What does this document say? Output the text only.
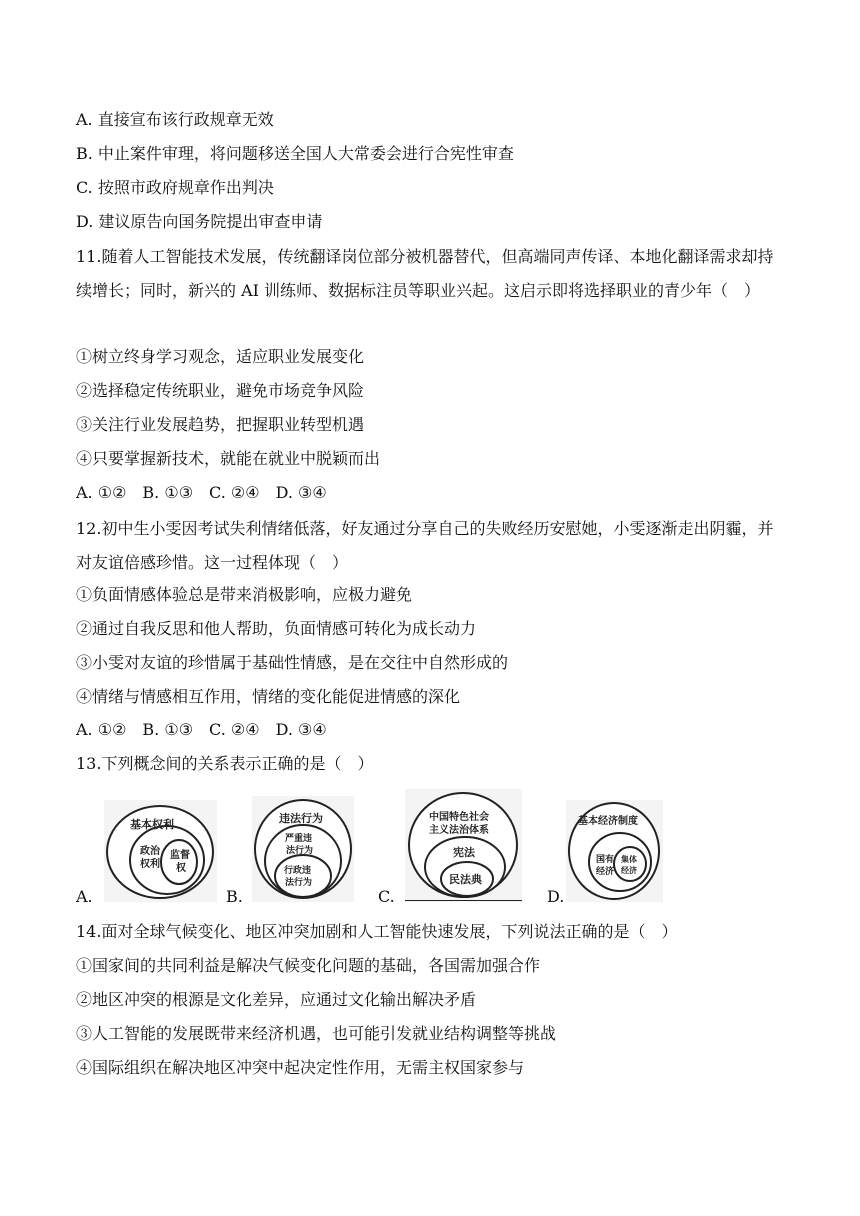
A. 直接宣布该行政规章无效
B. 中止案件审理，将问题移送全国人大常委会进行合宪性审查
C. 按照市政府规章作出判决
D. 建议原告向国务院提出审查申请
11.随着人工智能技术发展，传统翻译岗位部分被机器替代，但高端同声传译、本地化翻译需求却持续增长；同时，新兴的 AI 训练师、数据标注员等职业兴起。这启示即将选择职业的青少年（　）
①树立终身学习观念，适应职业发展变化
②选择稳定传统职业，避免市场竞争风险
③关注行业发展趋势，把握职业转型机遇
④只要掌握新技术，就能在就业中脱颖而出
A. ①②　B. ①③　C. ②④　D. ③④
12.初中生小雯因考试失利情绪低落，好友通过分享自己的失败经历安慰她，小雯逐渐走出阴霾，并对友谊倍感珍惜。这一过程体现（　）
①负面情感体验总是带来消极影响，应极力避免
②通过自我反思和他人帮助，负面情感可转化为成长动力
③小雯对友谊的珍惜属于基础性情感，是在交往中自然形成的
④情绪与情感相互作用，情绪的变化能促进情感的深化
A. ①②　B. ①③　C. ②④　D. ③④
13.下列概念间的关系表示正确的是（　）
基本权利
政治
权利
监督
权
A.
违法行为
严重违
法行为
行政违
法行为
B.
中国特色社会
主义法治体系
宪法
民法典
C.
基本经济制度
国有
经济
集体
经济
D.
14.面对全球气候变化、地区冲突加剧和人工智能快速发展，下列说法正确的是（　）
①国家间的共同利益是解决气候变化问题的基础，各国需加强合作
②地区冲突的根源是文化差异，应通过文化输出解决矛盾
③人工智能的发展既带来经济机遇，也可能引发就业结构调整等挑战
④国际组织在解决地区冲突中起决定性作用，无需主权国家参与
